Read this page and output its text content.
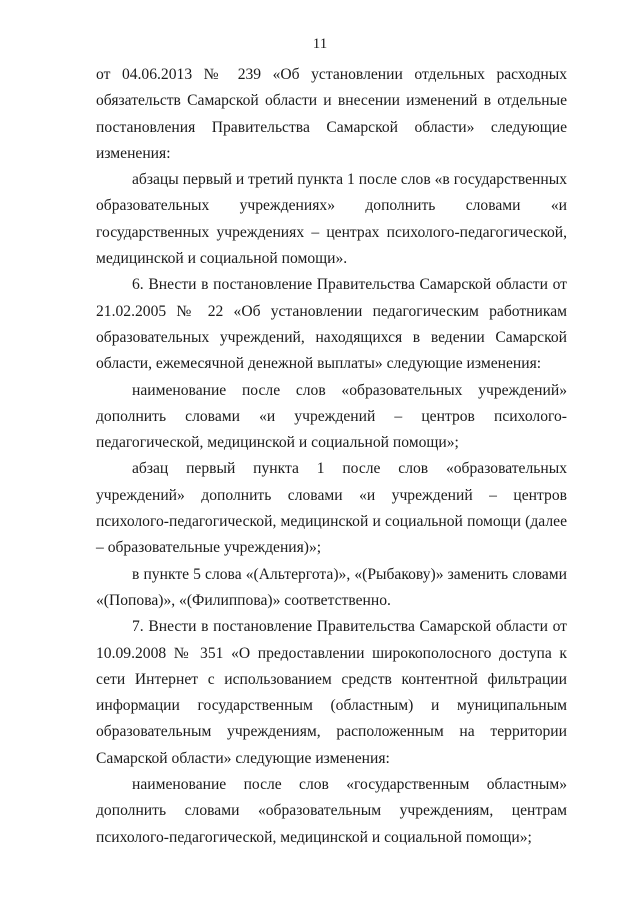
11

от 04.06.2013 № 239 «Об установлении отдельных расходных обязательств Самарской области и внесении изменений в отдельные постановления Правительства Самарской области» следующие изменения:

абзацы первый и третий пункта 1 после слов «в государственных образовательных учреждениях» дополнить словами «и государственных учреждениях – центрах психолого-педагогической, медицинской и социальной помощи».

6. Внести в постановление Правительства Самарской области от 21.02.2005 № 22 «Об установлении педагогическим работникам образовательных учреждений, находящихся в ведении Самарской области, ежемесячной денежной выплаты» следующие изменения:

наименование после слов «образовательных учреждений» дополнить словами «и учреждений – центров психолого-педагогической, медицинской и социальной помощи»;

абзац первый пункта 1 после слов «образовательных учреждений» дополнить словами «и учреждений – центров психолого-педагогической, медицинской и социальной помощи (далее – образовательные учреждения)»;

в пункте 5 слова «(Альтергота)», «(Рыбакову)» заменить словами «(Попова)», «(Филиппова)» соответственно.

7. Внести в постановление Правительства Самарской области от 10.09.2008 № 351 «О предоставлении широкополосного доступа к сети Интернет с использованием средств контентной фильтрации информации государственным (областным) и муниципальным образовательным учреждениям, расположенным на территории Самарской области» следующие изменения:

наименование после слов «государственным областным» дополнить словами «образовательным учреждениям, центрам психолого-педагогической, медицинской и социальной помощи»;
